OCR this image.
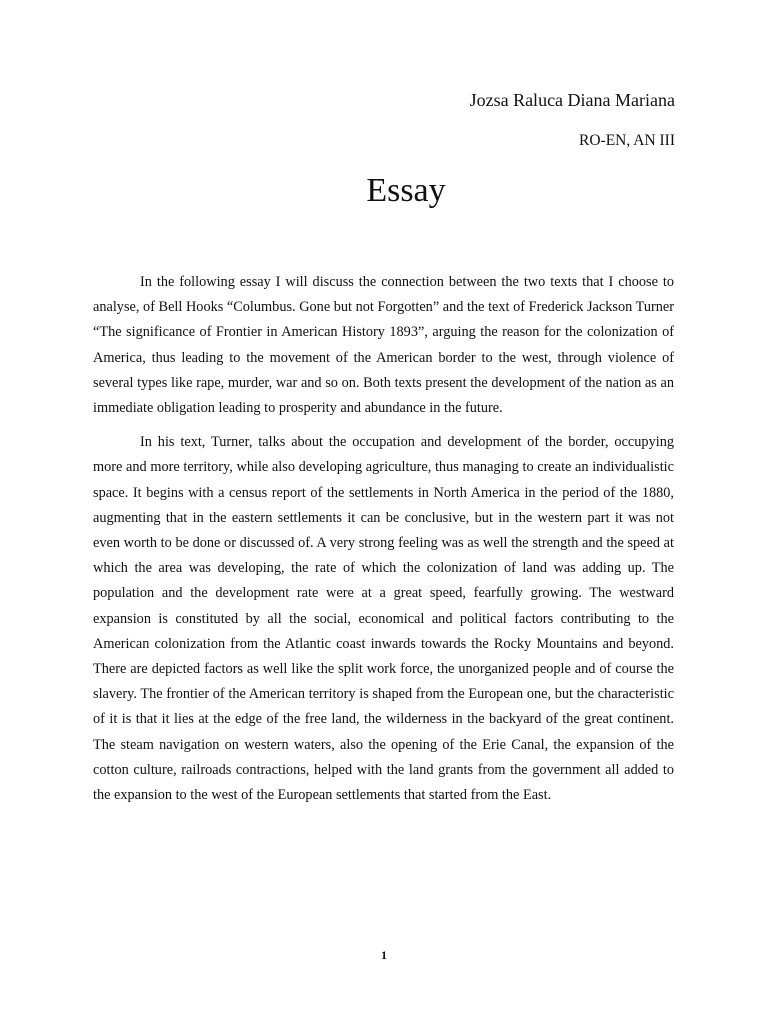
Jozsa Raluca Diana Mariana
RO-EN, AN III
Essay

In the following essay I will discuss the connection between the two texts that I choose to analyse, of Bell Hooks “Columbus. Gone but not Forgotten” and the text of Frederick Jackson Turner “The significance of Frontier in American History 1893”, arguing the reason for the colonization of America, thus leading to the movement of the American border to the west, through violence of several types like rape, murder, war and so on. Both texts present the development of the nation as an immediate obligation leading to prosperity and abundance in the future.

In his text, Turner, talks about the occupation and development of the border, occupying more and more territory, while also developing agriculture, thus managing to create an individualistic space. It begins with a census report of the settlements in North America in the period of the 1880, augmenting that in the eastern settlements it can be conclusive, but in the western part it was not even worth to be done or discussed of. A very strong feeling was as well the strength and the speed at which the area was developing, the rate of which the colonization of land was adding up. The population and the development rate were at a great speed, fearfully growing. The westward expansion is constituted by all the social, economical and political factors contributing to the American colonization from the Atlantic coast inwards towards the Rocky Mountains and beyond. There are depicted factors as well like the split work force, the unorganized people and of course the slavery. The frontier of the American territory is shaped from the European one, but the characteristic of it is that it lies at the edge of the free land, the wilderness in the backyard of the great continent. The steam navigation on western waters, also the opening of the Erie Canal, the expansion of the cotton culture, railroads contractions, helped with the land grants from the government all added to the expansion to the west of the European settlements that started from the East.

1
